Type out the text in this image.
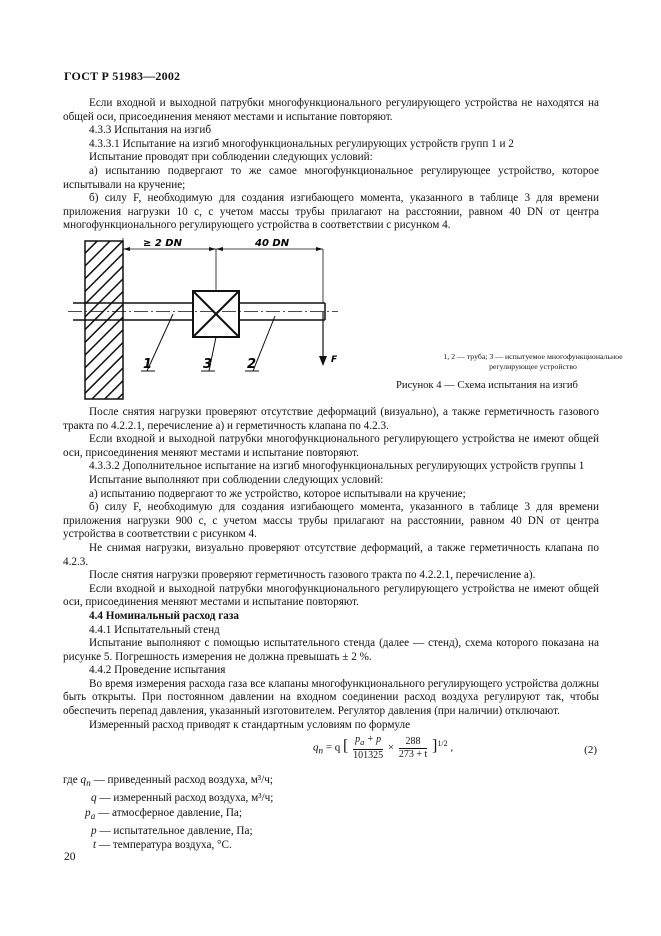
ГОСТ Р 51983—2002

Если входной и выходной патрубки многофункционального регулирующего устройства не находятся на общей оси, присоединения меняют местами и испытание повторяют.

4.3.3 Испытания на изгиб

4.3.3.1 Испытание на изгиб многофункциональных регулирующих устройств групп 1 и 2

Испытание проводят при соблюдении следующих условий:

а) испытанию подвергают то же самое многофункциональное регулирующее устройство, которое испытывали на кручение;

б) силу F, необходимую для создания изгибающего момента, указанного в таблице 3 для времени приложения нагрузки 10 с, с учетом массы трубы прилагают на расстоянии, равном 40 DN от центра многофункционального регулирующего устройства в соответствии с рисунком 4.

≥ 2 DN	40 DN
F
1	3	2
1, 2 — труба; 3 — испытуемое многофункциональное
регулирующее устройство
Рисунок 4 — Схема испытания на изгиб

После снятия нагрузки проверяют отсутствие деформаций (визуально), а также герметичность газового тракта по 4.2.2.1, перечисление а) и герметичность клапана по 4.2.3.

Если входной и выходной патрубки многофункционального регулирующего устройства не имеют общей оси, присоединения меняют местами и испытание повторяют.

4.3.3.2 Дополнительное испытание на изгиб многофункциональных регулирующих устройств группы 1

Испытание выполняют при соблюдении следующих условий:

а) испытанию подвергают то же устройство, которое испытывали на кручение;

б) силу F, необходимую для создания изгибающего момента, указанного в таблице 3 для времени приложения нагрузки 900 с, с учетом массы трубы прилагают на расстоянии, равном 40 DN от центра устройства в соответствии с рисунком 4.

Не снимая нагрузки, визуально проверяют отсутствие деформаций, а также герметичность клапана по 4.2.3.

После снятия нагрузки проверяют герметичность газового тракта по 4.2.2.1, перечисление а).

Если входной и выходной патрубки многофункционального регулирующего устройства не имеют общей оси, присоединения меняют местами и испытание повторяют.

4.4 Номинальный расход газа

4.4.1 Испытательный стенд

Испытание выполняют с помощью испытательного стенда (далее — стенд), схема которого показана на рисунке 5. Погрешность измерения не должна превышать ± 2 %.

4.4.2 Проведение испытания

Во время измерения расхода газа все клапаны многофункционального регулирующего устройства должны быть открыты. При постоянном давлении на входном соединении расход воздуха регулируют так, чтобы обеспечить перепад давления, указанный изготовителем. Регулятор давления (при наличии) отключают.

Измеренный расход приводят к стандартным условиям по формуле

$q_n = q$ [ $\frac{p_a + p}{101325} \times \frac{288}{273 + t} ]^{1/2}$ ,	(2)

где $q_n$ — приведенный расход воздуха, м³/ч;

q — измеренный расход воздуха, м³/ч;

$p_a$ — атмосферное давление, Па;

p — испытательное давление, Па;

t — температура воздуха, °С.

20
